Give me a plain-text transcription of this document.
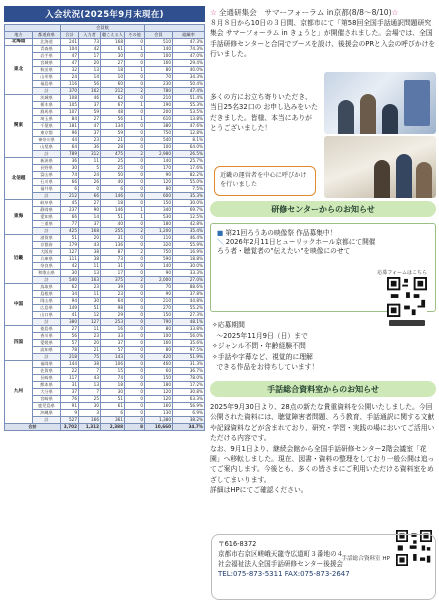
入会状況(2025年9月末現在)
		会員数					
地方	都道府県	合計	入力者	聴こえる人	その他	会員	組織率
北海道	北海道	241	73	168	0	510	47.3%
東北	青森県	104	42	61	1	140	74.3%
	岩手県	47	17	30	0	100	47.0%
	宮城県	47	20	27	0	160	29.4%
	秋田県	32	13	18	1	80	40.0%
	山形県	24	14	10	0	70	34.3%
	福島県	116	56	60	0	230	50.4%
	計	370	162	212	2	780	47.4%
関東	茨城県	108	46	62	0	210	51.4%
	栃木県	105	37	67	1	190	55.3%
	群馬県	107	59	48	0	200	53.5%
	埼玉県	84	27	56	1	610	13.8%
	千葉県	181	47	134	0	380	47.6%
	東京都	96	37	59	0	750	12.8%
	神奈川県	44	23	21	0	540	8.1%
	山梨県	64	36	28	0	100	64.0%
	計	789	312	475	2	2,980	26.5%
北信越	新潟県	36	11	25	0	140	25.7%
	長野県	30	5	25	0	170	17.6%
	富山県	74	24	50	0	90	82.2%
	石川県	66	26	40	0	120	55.0%
	福井県	6	0	6	0	80	7.5%
	計	212	66	146	0	600	35.3%
東海	岐阜県	45	27	18	0	150	30.0%
	静岡県	237	90	146	1	340	69.7%
	愛知県	66	14	51	1	530	12.5%
	三重県	77	37	40	0	180	42.8%
	計	425	168	255	2	1,200	35.4%
近畿	滋賀県	51	20	31	0	110	46.4%
	京都府	179	43	136	0	320	55.9%
	大阪府	127	38	87	2	750	16.9%
	兵庫県	111	38	73	0	590	18.8%
	奈良県	42	11	31	0	140	30.0%
	和歌山県	30	13	17	0	90	33.3%
	計	540	163	375	2	2,000	27.0%
中国	鳥取県	62	23	39	0	70	88.6%
	島根県	34	11	23	0	90	37.8%
	岡山県	94	30	64	0	210	44.8%
	広島県	149	51	98	0	270	55.2%
	山口県	41	12	29	0	150	27.3%
	計	380	127	253	0	790	48.1%
四国	徳島県	27	11	16	0	80	33.8%
	香川県	56	23	33	0	100	56.0%
	愛媛県	57	20	37	0	160	35.6%
	高知県	78	21	57	0	80	97.5%
	計	218	75	143	0	420	51.9%
九州	福岡県	144	38	106	0	460	31.3%
	佐賀県	22	7	15	0	60	36.7%
	長崎県	117	43	74	0	150	78.0%
	熊本県	31	13	18	0	180	17.2%
	大分県	37	7	30	0	120	30.8%
	宮崎県	76	25	51	0	120	63.3%
	鹿児島県	91	30	61	0	160	56.9%
	沖縄県	9	3	6	0	130	6.9%
	計	527	166	361	0	1,380	38.2%
合計		3,702	1,312	2,388	8	10,660	34.7%
☆ 全通研集会　サマーフォーラム in 京都 (8/8～8/10) ☆

８月８日から10日の３日間、京都市にて「第58回全国手話通訳問題研究集会 サマーフォーラム in きょうと」が開催されました。会場では、全国手話研修センターと合同でブースを設け、後援会のPRと入会の呼びかけを行いました。

多くの方にお立ち寄りいただき、当日25名32口の お申し込みをいただきました。皆様、本当にありがとうございました！

近畿の運営者を中心に呼びかけを行いました
研修センターからのお知らせ
■ 第21回ろうあの映像祭 作品募集中！
＼ 2026年2月11日ヒューリックホール京都にて開催
ろう者・聴覚者の"伝えたい"を映像にのせて
応募フォームはこちら
✧応募期間
～2025年11月9日（日）まで
✧ジャンル不問・年齢経験不問
✧手話や字幕など、視覚的に理解
できる作品をお待ちしています！
手話総合資料室からのお知らせ

2025年9月30日より、28点の新たな貴重資料を公開いたしました。今回公開された資料には、聴覚障害者問題、ろう教育、手話通訳に関する文献や記録資料などが含まれており、研究・学習・実践の場においてご活用いただける内容です。

なお、9月1日より、継続会館から全国手話研修センター2階会議室「花園」へ移転しました。現在、図書・資料の整理をしており一般公開は追ってご案内します。今後とも、多くの皆さまにご利用いただける資料室をめざしてまいります。

詳細はHPにてご確認ください。

手話総合資料室 HP
〒616-8372
京都市右京区嵯峨天龍寺広道町３番地の４
社会福祉法人全国手話研修センター後援会
TEL:075-873-5311 FAX:075-873-2647
